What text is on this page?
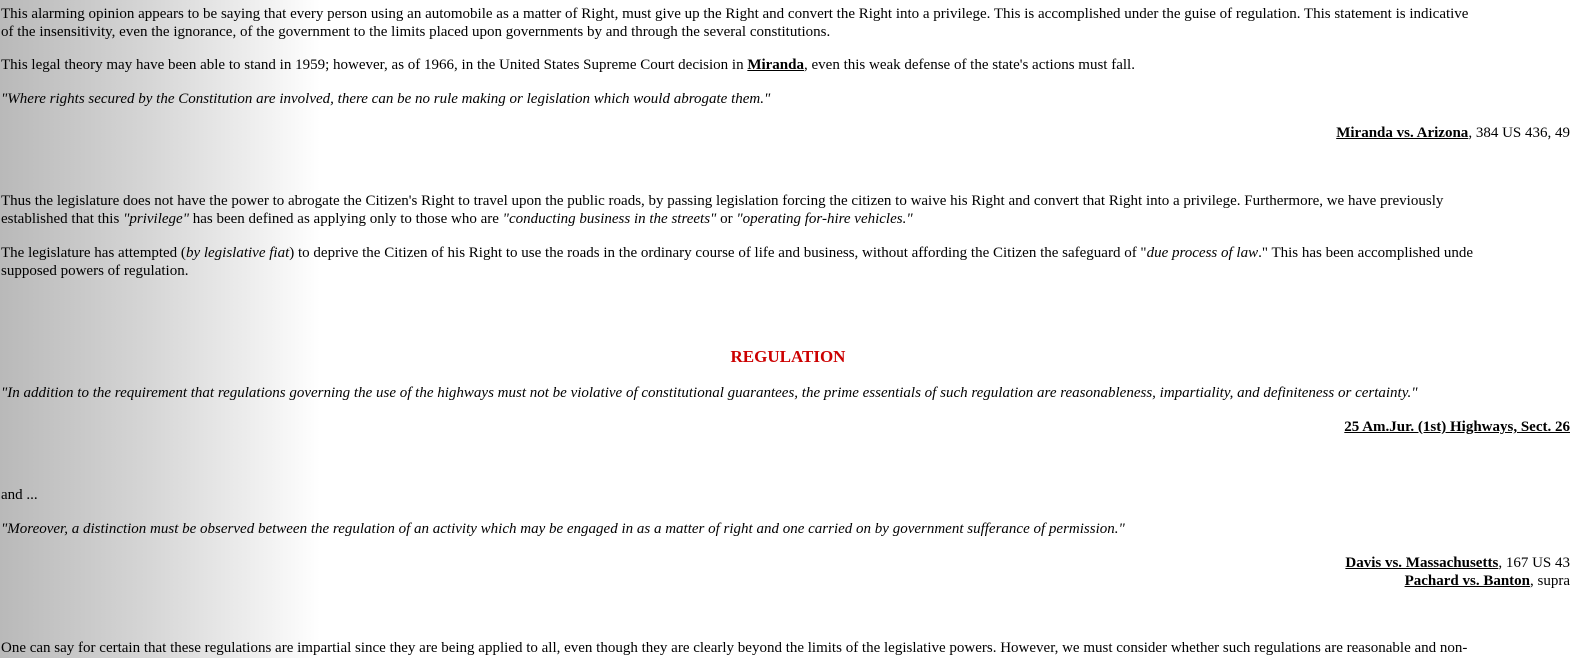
This alarming opinion appears to be saying that every person using an automobile as a matter of Right, must give up the Right and convert the Right into a privilege. This is accomplished under the guise of regulation. This statement is indicative
of the insensitivity, even the ignorance, of the government to the limits placed upon governments by and through the several constitutions.
This legal theory may have been able to stand in 1959; however, as of 1966, in the United States Supreme Court decision in Miranda, even this weak defense of the state's actions must fall.
"Where rights secured by the Constitution are involved, there can be no rule making or legislation which would abrogate them."
Miranda vs. Arizona, 384 US 436, 49
Thus the legislature does not have the power to abrogate the Citizen's Right to travel upon the public roads, by passing legislation forcing the citizen to waive his Right and convert that Right into a privilege. Furthermore, we have previously
established that this "privilege" has been defined as applying only to those who are "conducting business in the streets" or "operating for-hire vehicles."
The legislature has attempted (by legislative fiat) to deprive the Citizen of his Right to use the roads in the ordinary course of life and business, without affording the Citizen the safeguard of "due process of law." This has been accomplished unde
supposed powers of regulation.
REGULATION
"In addition to the requirement that regulations governing the use of the highways must not be violative of constitutional guarantees, the prime essentials of such regulation are reasonableness, impartiality, and definiteness or certainty."
25 Am.Jur. (1st) Highways, Sect. 26
and ...
"Moreover, a distinction must be observed between the regulation of an activity which may be engaged in as a matter of right and one carried on by government sufferance of permission."
Davis vs. Massachusetts, 167 US 43
Pachard vs. Banton, supra
One can say for certain that these regulations are impartial since they are being applied to all, even though they are clearly beyond the limits of the legislative powers. However, we must consider whether such regulations are reasonable and non-
